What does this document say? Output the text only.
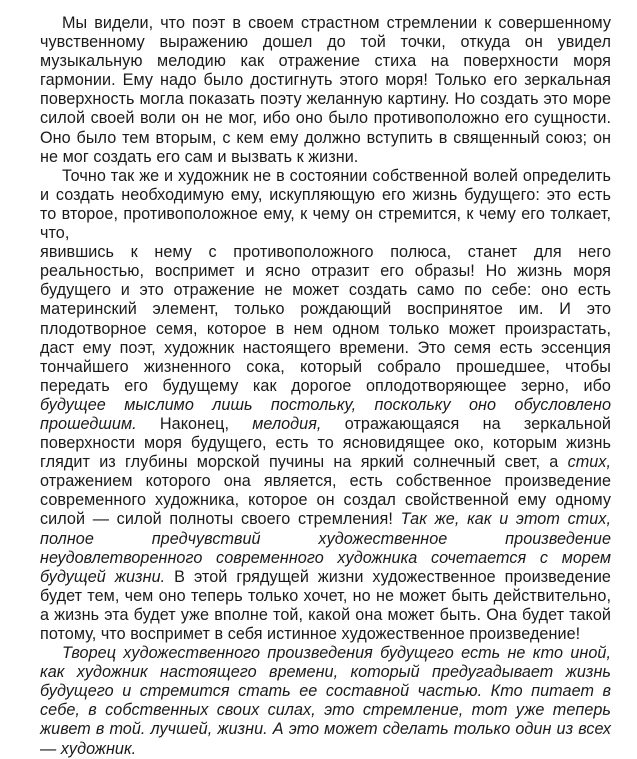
Мы видели, что поэт в своем страстном стремлении к совершенному чувственному выражению дошел до той точки, откуда он увидел музыкальную мелодию как отражение стиха на поверхности моря гармонии. Ему надо было достигнуть этого моря! Только его зеркальная поверхность могла показать поэту желанную картину. Но создать это море силой своей воли он не мог, ибо оно было противоположно его сущности. Оно было тем вторым, с кем ему должно вступить в священный союз; он не мог создать его сам и вызвать к жизни.

Точно так же и художник не в состоянии собственной волей определить и создать необходимую ему, искупляющую его жизнь будущего: это есть то второе, противоположное ему, к чему он стремится, к чему его толкает, что,

явившись к нему с противоположного полюса, станет для него реальностью, воспримет и ясно отразит его образы! Но жизнь моря будущего и это отражение не может создать само по себе: оно есть материнский элемент, только рождающий воспринятое им. И это плодотворное семя, которое в нем одном только может произрастать, даст ему поэт, художник настоящего времени. Это семя есть эссенция тончайшего жизненного сока, который собрало прошедшее, чтобы передать его будущему как дорогое оплодотворяющее зерно, ибо будущее мыслимо лишь постольку, поскольку оно обусловлено прошедшим. Наконец, мелодия, отражающаяся на зеркальной поверхности моря будущего, есть то ясновидящее око, которым жизнь глядит из глубины морской пучины на яркий солнечный свет, а стих, отражением которого она является, есть собственное произведение современного художника, которое он создал свойственной ему одному силой — силой полноты своего стремления! Так же, как и этот стих, полное предчувствий художественное произведение неудовлетворенного современного художника сочетается с морем будущей жизни. В этой грядущей жизни художественное произведение будет тем, чем оно теперь только хочет, но не может быть действительно, а жизнь эта будет уже вполне той, какой она может быть. Она будет такой потому, что воспримет в себя истинное художественное произведение!

Творец художественного произведения будущего есть не кто иной, как художник настоящего времени, который предугадывает жизнь будущего и стремится стать ее составной частью. Кто питает в себе, в собственных своих силах, это стремление, тот уже теперь живет в той. лучшей, жизни. А это может сделать только один из всех — художник.
